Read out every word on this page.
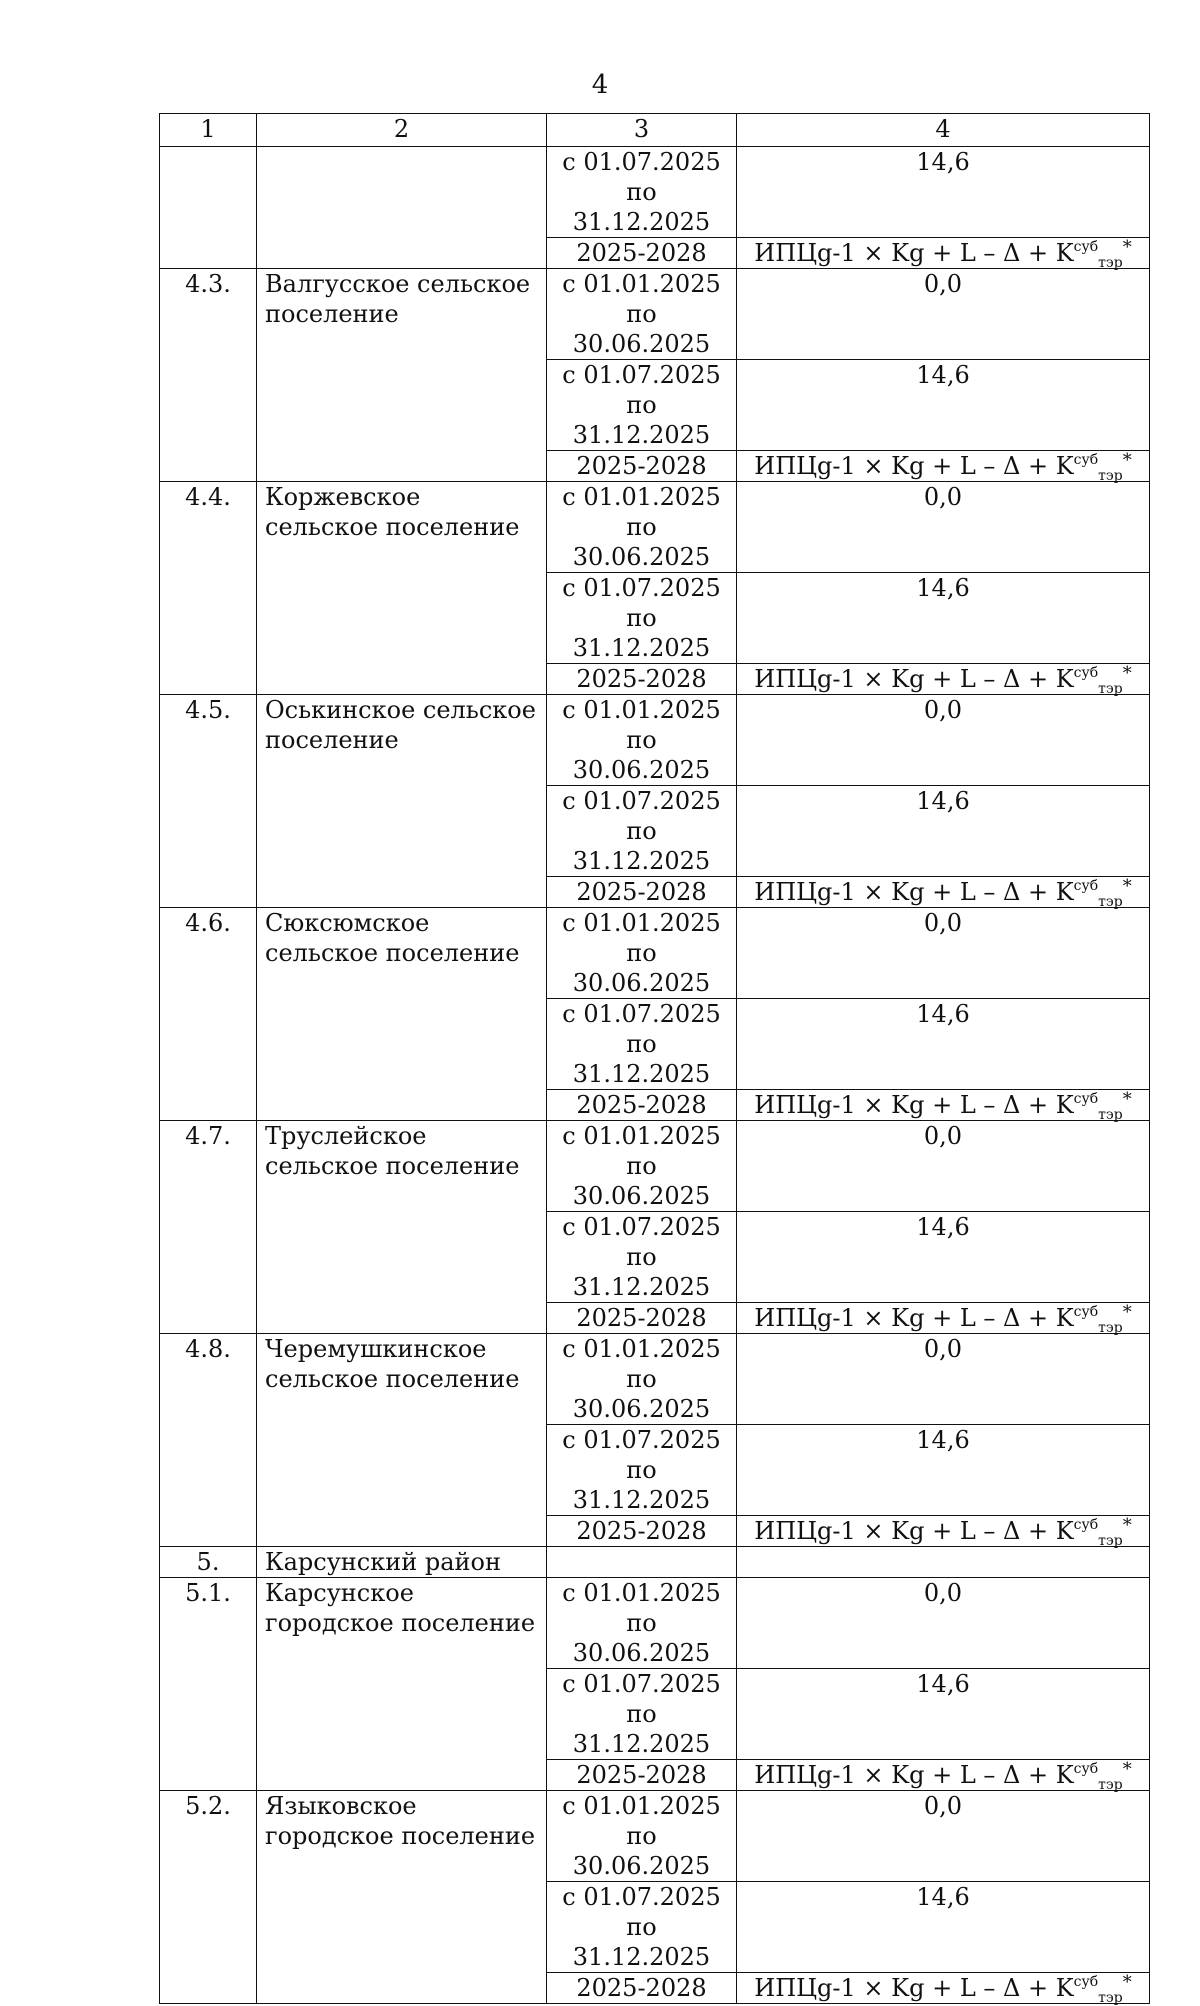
4
1	2	3	4
		с 01.07.2025 по 31.12.2025	14,6
		2025-2028	ИПЦg-1 × $Kg + L - \Delta + K^{суб}_{тэр}^*$
4.3.	Валгусское сельское поселение	с 01.01.2025 по 30.06.2025	0,0
		с 01.07.2025 по 31.12.2025	14,6
		2025-2028	ИПЦg-1 × $Kg + L - \Delta + K^{суб}_{тэр}^*$
4.4.	Коржевское сельское поселение	с 01.01.2025 по 30.06.2025	0,0
		с 01.07.2025 по 31.12.2025	14,6
		2025-2028	ИПЦg-1 × $Kg + L - \Delta + K^{суб}_{тэр}^*$
4.5.	Оськинское сельское поселение	с 01.01.2025 по 30.06.2025	0,0
		с 01.07.2025 по 31.12.2025	14,6
		2025-2028	ИПЦg-1 × $Kg + L - \Delta + K^{суб}_{тэр}^*$
4.6.	Сюксюмское сельское поселение	с 01.01.2025 по 30.06.2025	0,0
		с 01.07.2025 по 31.12.2025	14,6
		2025-2028	ИПЦg-1 × $Kg + L - \Delta + K^{суб}_{тэр}^*$
4.7.	Труслейское сельское поселение	с 01.01.2025 по 30.06.2025	0,0
		с 01.07.2025 по 31.12.2025	14,6
		2025-2028	ИПЦg-1 × $Kg + L - \Delta + K^{суб}_{тэр}^*$
4.8.	Черемушкинское сельское поселение	с 01.01.2025 по 30.06.2025	0,0
		с 01.07.2025 по 31.12.2025	14,6
		2025-2028	ИПЦg-1 × $Kg + L - \Delta + K^{суб}_{тэр}^*$
5.	Карсунский район		
5.1.	Карсунское городское поселение	с 01.01.2025 по 30.06.2025	0,0
		с 01.07.2025 по 31.12.2025	14,6
		2025-2028	ИПЦg-1 × $Kg + L - \Delta + K^{суб}_{тэр}^*$
5.2.	Языковское городское поселение	с 01.01.2025 по 30.06.2025	0,0
		с 01.07.2025 по 31.12.2025	14,6
		2025-2028	ИПЦg-1 × $Kg + L - \Delta + K^{суб}_{тэр}^*$
